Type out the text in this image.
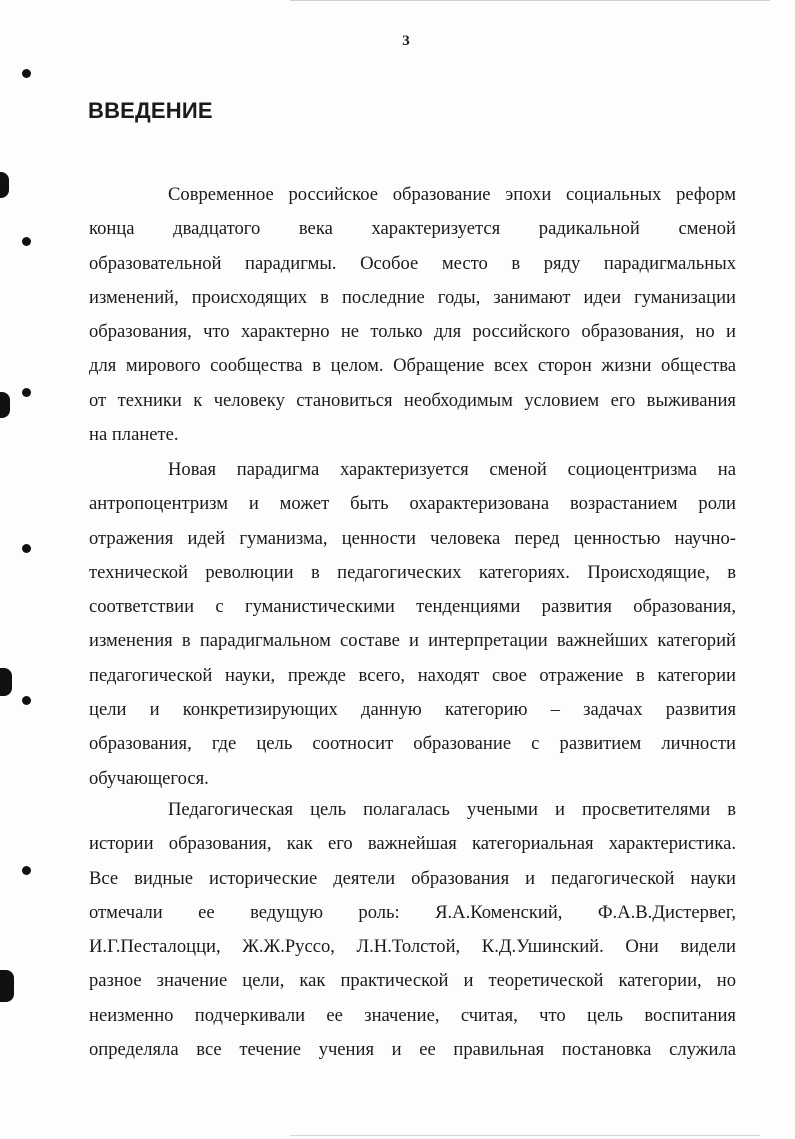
3
ВВЕДЕНИЕ
Современное российское образование эпохи социальных реформ
конца двадцатого века характеризуется радикальной сменой
образовательной парадигмы. Особое место в ряду парадигмальных
изменений, происходящих в последние годы, занимают идеи гуманизации
образования, что характерно не только для российского образования, но и
для мирового сообщества в целом. Обращение всех сторон жизни общества
от техники к человеку становиться необходимым условием его выживания
на планете.
Новая парадигма характеризуется сменой социоцентризма на
антропоцентризм и может быть охарактеризована возрастанием роли
отражения идей гуманизма, ценности человека перед ценностью научно-
технической революции в педагогических категориях. Происходящие, в
соответствии с гуманистическими тенденциями развития образования,
изменения в парадигмальном составе и интерпретации важнейших категорий
педагогической науки, прежде всего, находят свое отражение в категории
цели и конкретизирующих данную категорию – задачах развития
образования, где цель соотносит образование с развитием личности
обучающегося.
Педагогическая цель полагалась учеными и просветителями в
истории образования, как его важнейшая категориальная характеристика.
Все видные исторические деятели образования и педагогической науки
отмечали ее ведущую роль: Я.А.Коменский, Ф.А.В.Дистервег,
И.Г.Песталоцци, Ж.Ж.Руссо, Л.Н.Толстой, К.Д.Ушинский. Они видели
разное значение цели, как практической и теоретической категории, но
неизменно подчеркивали ее значение, считая, что цель воспитания
определяла все течение учения и ее правильная постановка служила
